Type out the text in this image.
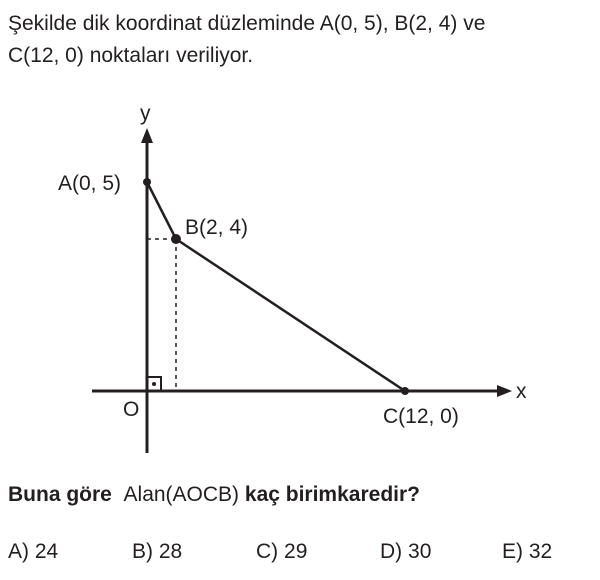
Şekilde dik koordinat düzleminde A(0, 5), B(2, 4) ve
C(12, 0) noktaları veriliyor.

y
x
O
A(0, 5)
B(2, 4)
C(12, 0)

Buna göre Alan(AOCB) kaç birimkaredir?

A) 24	B) 28	C) 29	D) 30	E) 32
